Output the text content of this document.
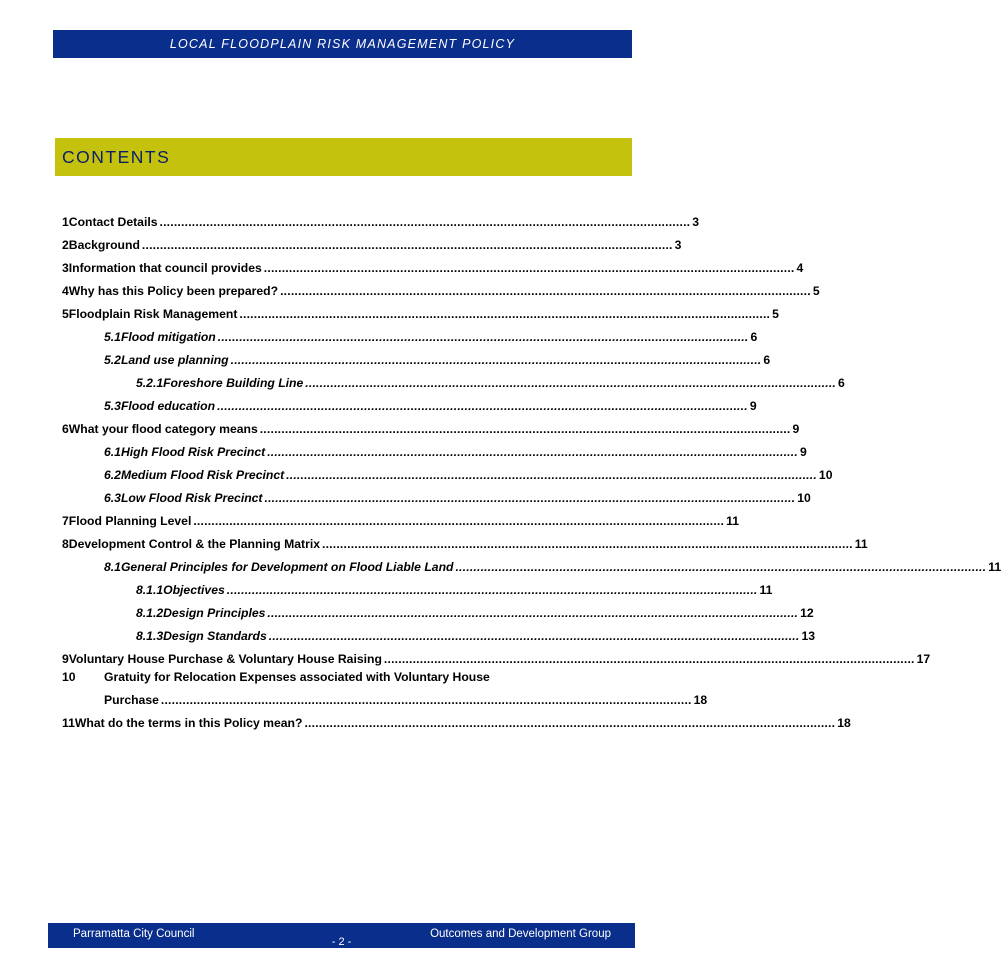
LOCAL FLOODPLAIN RISK MANAGEMENT POLICY
CONTENTS
1 Contact Details .................................................................................................................................................... 3
2 Background .................................................................................................................................................... 3
3 Information that council provides .................................................................................................................................................... 4
4 Why has this Policy been prepared? .................................................................................................................................................... 5
5 Floodplain Risk Management .................................................................................................................................................... 5
5.1 Flood mitigation .................................................................................................................................................... 6
5.2 Land use planning .................................................................................................................................................... 6
5.2.1 Foreshore Building Line .................................................................................................................................................... 6
5.3 Flood education .................................................................................................................................................... 9
6 What your flood category means .................................................................................................................................................... 9
6.1 High Flood Risk Precinct .................................................................................................................................................... 9
6.2 Medium Flood Risk Precinct .................................................................................................................................................... 10
6.3 Low Flood Risk Precinct .................................................................................................................................................... 10
7 Flood Planning Level .................................................................................................................................................... 11
8 Development Control & the Planning Matrix .................................................................................................................................................... 11
8.1 General Principles for Development on Flood Liable Land .................................................................................................................................................... 11
8.1.1 Objectives .................................................................................................................................................... 11
8.1.2 Design Principles .................................................................................................................................................... 12
8.1.3 Design Standards .................................................................................................................................................... 13
9 Voluntary House Purchase & Voluntary House Raising .................................................................................................................................................... 17
10 Gratuity for Relocation Expenses associated with Voluntary House
Purchase .................................................................................................................................................... 18
11 What do the terms in this Policy mean? .................................................................................................................................................... 18
Parramatta City Council	Outcomes and Development Group
- 2 -
